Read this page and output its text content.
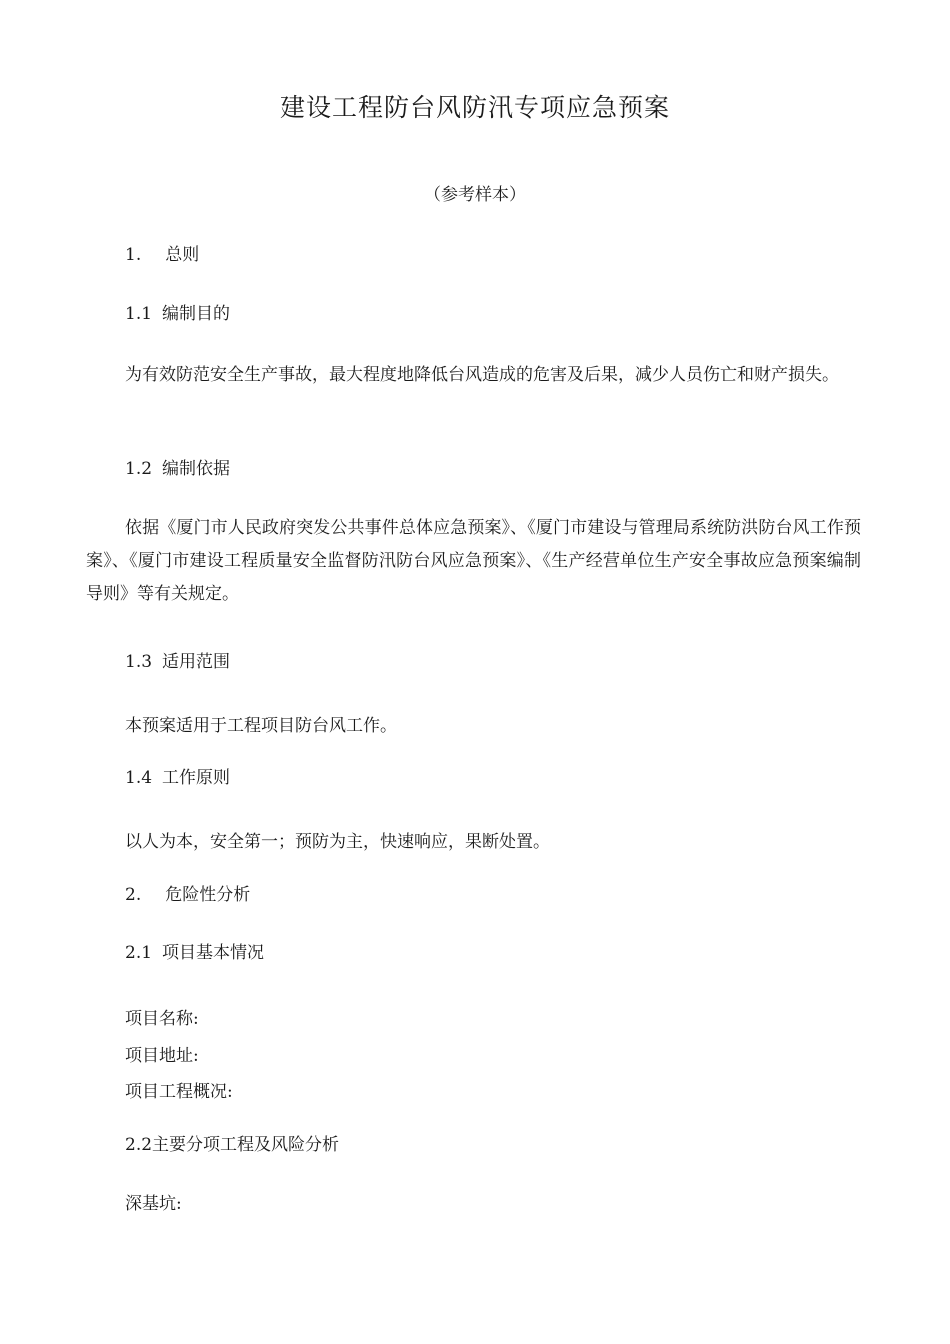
建设工程防台风防汛专项应急预案
（参考样本）
1. 总则
1.1 编制目的
为有效防范安全生产事故，最大程度地降低台风造成的危害及后果，减少人员伤亡和财产损失。
1.2 编制依据
依据《厦门市人民政府突发公共事件总体应急预案》、《厦门市建设与管理局系统防洪防台风工作预案》、《厦门市建设工程质量安全监督防汛防台风应急预案》、《生产经营单位生产安全事故应急预案编制导则》等有关规定。
1.3 适用范围
本预案适用于工程项目防台风工作。
1.4 工作原则
以人为本，安全第一；预防为主，快速响应，果断处置。
2. 危险性分析
2.1 项目基本情况
项目名称:
项目地址:
项目工程概况:
2.2主要分项工程及风险分析
深基坑:
